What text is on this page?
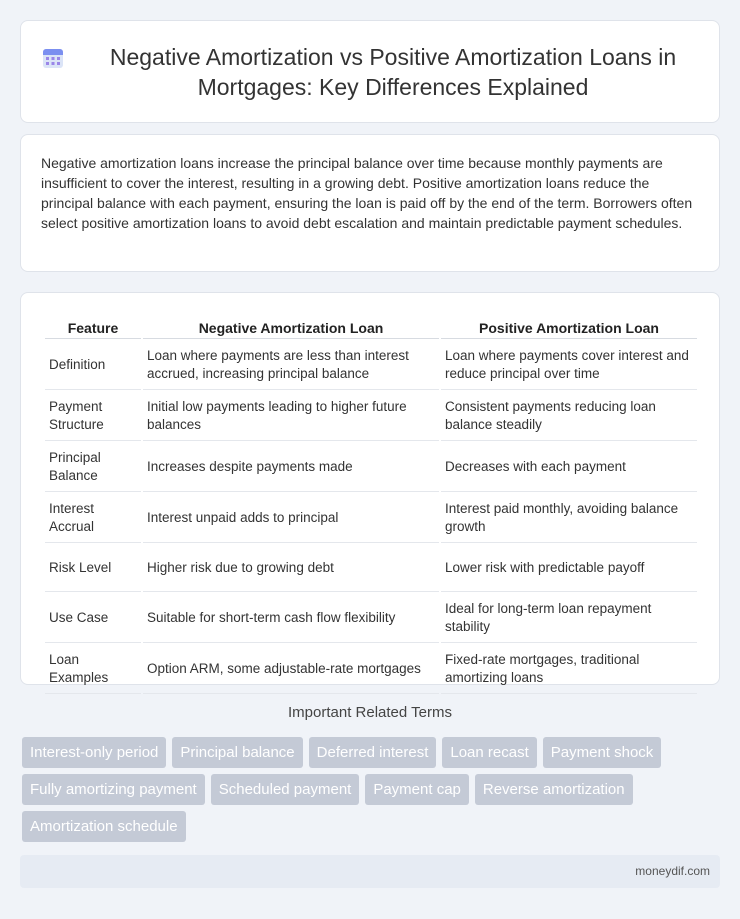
Negative Amortization vs Positive Amortization Loans in Mortgages: Key Differences Explained

Negative amortization loans increase the principal balance over time because monthly payments are insufficient to cover the interest, resulting in a growing debt. Positive amortization loans reduce the principal balance with each payment, ensuring the loan is paid off by the end of the term. Borrowers often select positive amortization loans to avoid debt escalation and maintain predictable payment schedules.

Feature	Negative Amortization Loan	Positive Amortization Loan
Definition	Loan where payments are less than interest accrued, increasing principal balance	Loan where payments cover interest and reduce principal over time
Payment Structure	Initial low payments leading to higher future balances	Consistent payments reducing loan balance steadily
Principal Balance	Increases despite payments made	Decreases with each payment
Interest Accrual	Interest unpaid adds to principal	Interest paid monthly, avoiding balance growth
Risk Level	Higher risk due to growing debt	Lower risk with predictable payoff
Use Case	Suitable for short-term cash flow flexibility	Ideal for long-term loan repayment stability
Loan Examples	Option ARM, some adjustable-rate mortgages	Fixed-rate mortgages, traditional amortizing loans
Important Related Terms
Interest-only period	Principal balance	Deferred interest	Loan recast	Payment shock
Fully amortizing payment	Scheduled payment	Payment cap	Reverse amortization
Amortization schedule
moneydif.com
